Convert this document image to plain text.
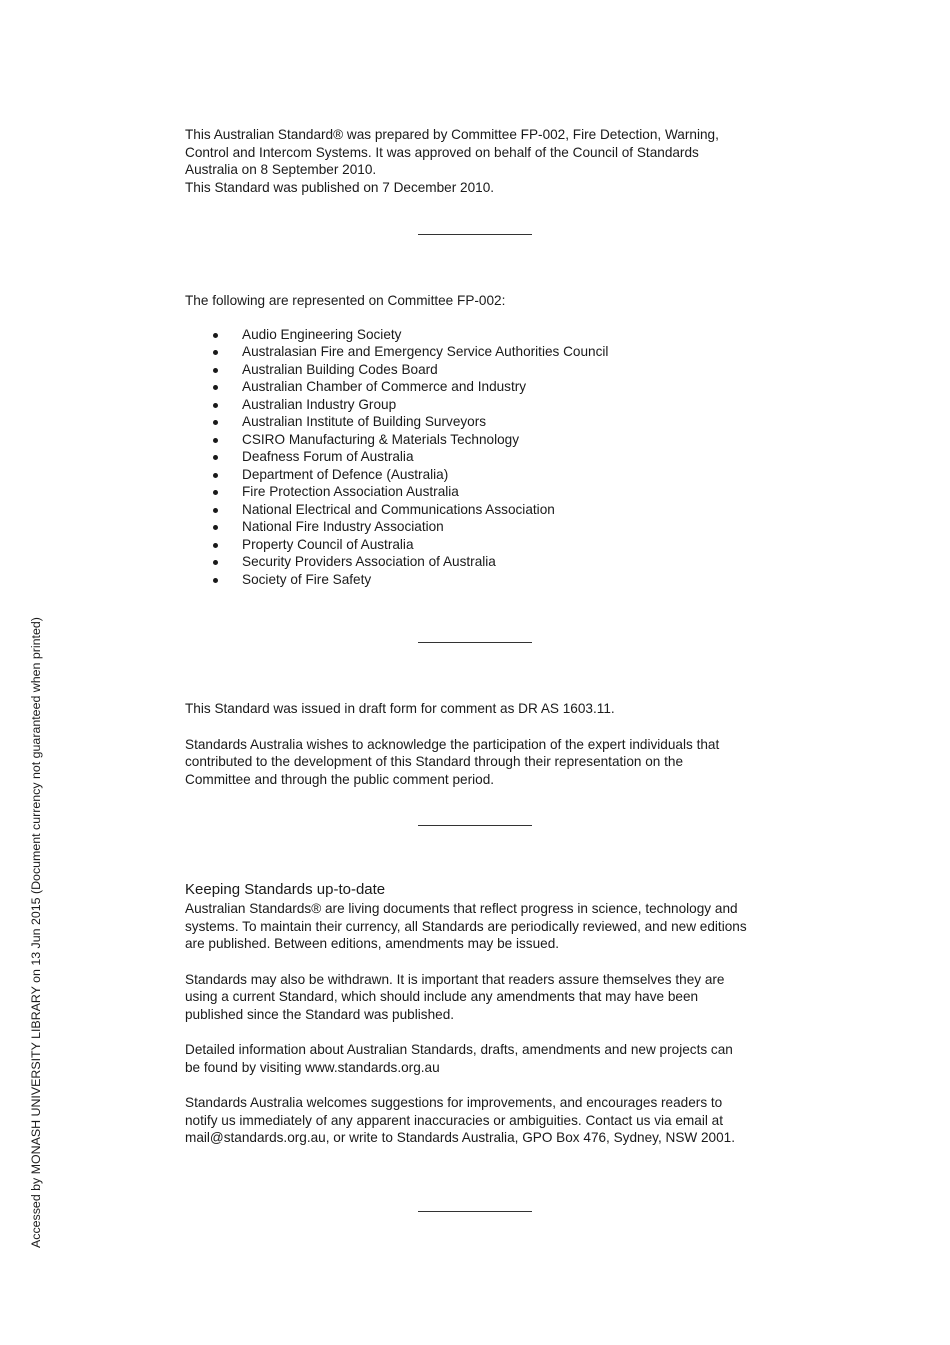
This Australian Standard® was prepared by Committee FP-002, Fire Detection, Warning,

Control and Intercom Systems. It was approved on behalf of the Council of Standards

Australia on 8 September 2010.

This Standard was published on 7 December 2010.

The following are represented on Committee FP-002:

Audio Engineering Society
Australasian Fire and Emergency Service Authorities Council
Australian Building Codes Board
Australian Chamber of Commerce and Industry
Australian Industry Group
Australian Institute of Building Surveyors
CSIRO Manufacturing & Materials Technology
Deafness Forum of Australia
Department of Defence (Australia)
Fire Protection Association Australia
National Electrical and Communications Association
National Fire Industry Association
Property Council of Australia
Security Providers Association of Australia
Society of Fire Safety

This Standard was issued in draft form for comment as DR AS 1603.11.

Standards Australia wishes to acknowledge the participation of the expert individuals that

contributed to the development of this Standard through their representation on the

Committee and through the public comment period.

Keeping Standards up-to-date

Australian Standards® are living documents that reflect progress in science, technology and

systems. To maintain their currency, all Standards are periodically reviewed, and new editions

are published. Between editions, amendments may be issued.

Standards may also be withdrawn. It is important that readers assure themselves they are

using a current Standard, which should include any amendments that may have been

published since the Standard was published.

Detailed information about Australian Standards, drafts, amendments and new projects can

be found by visiting www.standards.org.au

Standards Australia welcomes suggestions for improvements, and encourages readers to

notify us immediately of any apparent inaccuracies or ambiguities. Contact us via email at

mail@standards.org.au, or write to Standards Australia, GPO Box 476, Sydney, NSW 2001.

Accessed by MONASH UNIVERSITY LIBRARY on 13 Jun 2015 (Document currency not guaranteed when printed)
